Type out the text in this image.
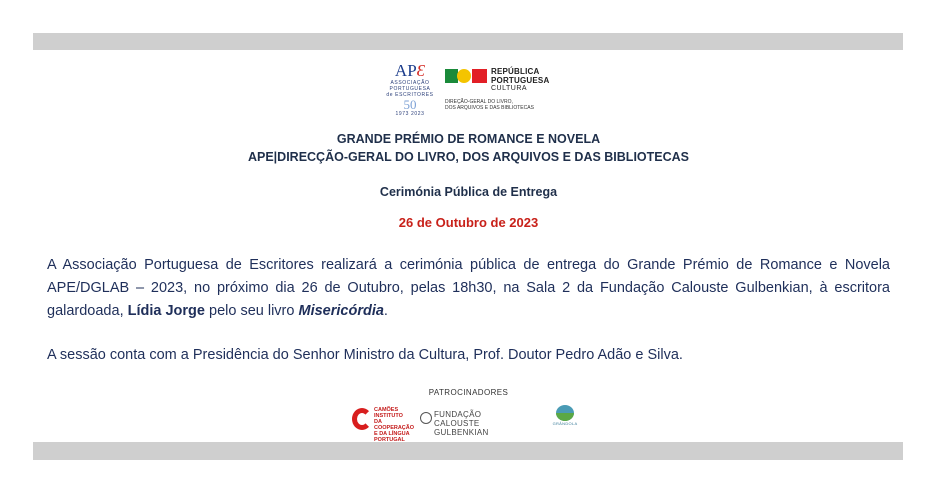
APƐ
ASSOCIAÇÃO
PORTUGUESA
de ESCRITORES
50
1973 2023
REPÚBLICA
PORTUGUESA
CULTURA
DIREÇÃO-GERAL DO LIVRO,
DOS ARQUIVOS E DAS BIBLIOTECAS
GRANDE PRÉMIO DE ROMANCE E NOVELA
APE|DIRECÇÃO-GERAL DO LIVRO, DOS ARQUIVOS E DAS BIBLIOTECAS
Cerimónia Pública de Entrega
26 de Outubro de 2023
A Associação Portuguesa de Escritores realizará a cerimónia pública de entrega do Grande Prémio de Romance e Novela APE/DGLAB – 2023, no próximo dia 26 de Outubro, pelas 18h30, na Sala 2 da Fundação Calouste Gulbenkian, à escritora galardoada, Lídia Jorge pelo seu livro Misericórdia.
A sessão conta com a Presidência do Senhor Ministro da Cultura, Prof. Doutor Pedro Adão e Silva.
PATROCINADORES
CAMÕES
INSTITUTO
DA COOPERAÇÃO
E DA LÍNGUA
PORTUGAL
FUNDAÇÃO
CALOUSTE GULBENKIAN
GRÂNDOLA
